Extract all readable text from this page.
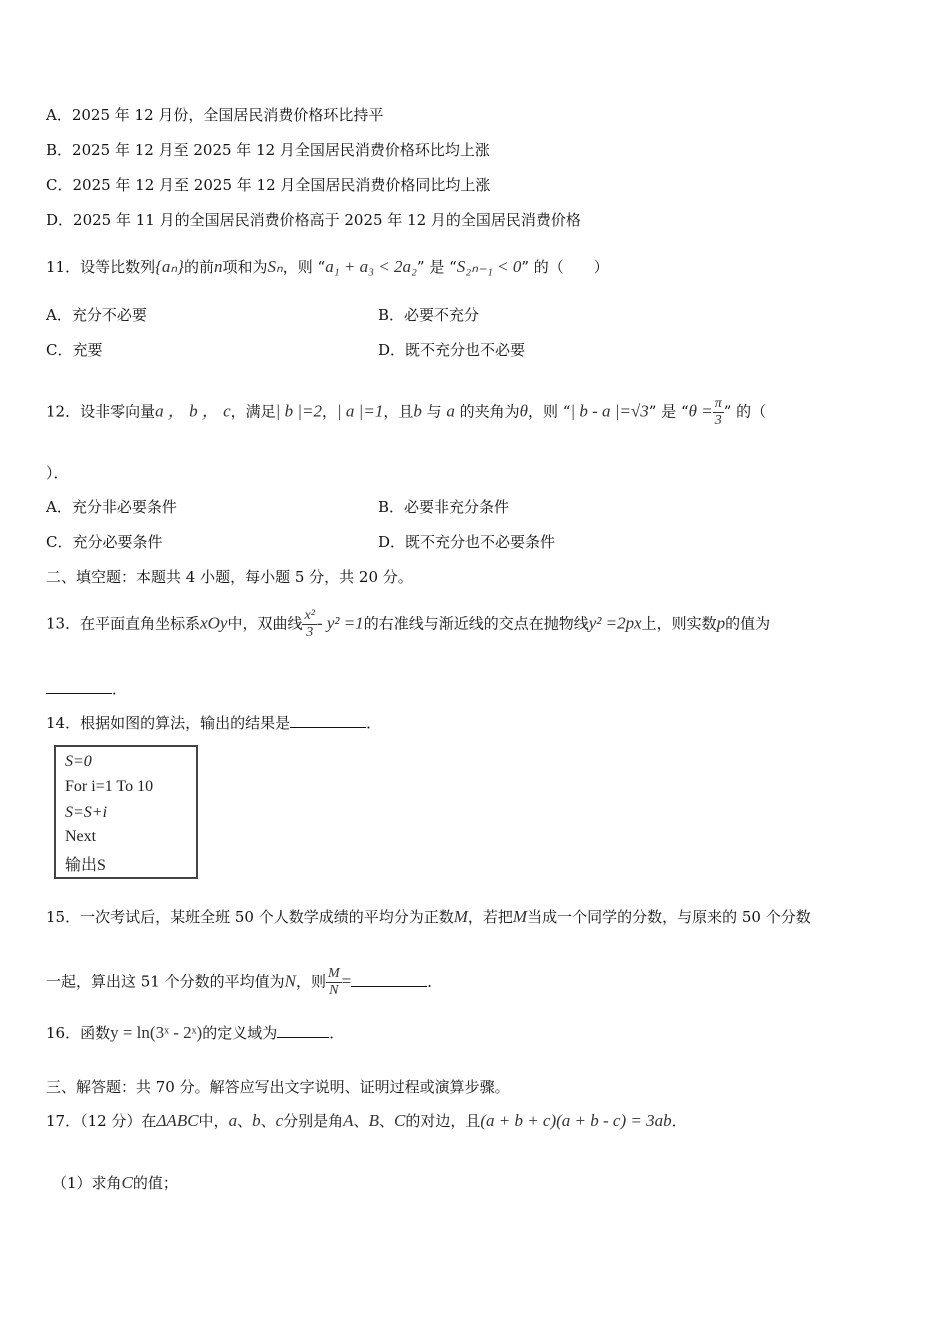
A．2025 年 12 月份，全国居民消费价格环比持平
B．2025 年 12 月至 2025 年 12 月全国居民消费价格环比均上涨
C．2025 年 12 月至 2025 年 12 月全国居民消费价格同比均上涨
D．2025 年 11 月的全国居民消费价格高于 2025 年 12 月的全国居民消费价格
11．设等比数列{aₙ}的前n项和为Sₙ，则 “a₁ + a₃ < 2a₂” 是 “S₂ₙ₋₁ < 0” 的（　　）
A．充分不必要	B．必要不充分
C．充要	D．既不充分也不必要
12．设非零向量a ， b ， c，满足| b |=2，| a |=1，且b 与 a 的夹角为θ，则 “| b - a |=√3” 是 “$\theta = \frac{\pi}{3}$ ” 的（
）．
A．充分非必要条件	B．必要非充分条件
C．充分必要条件	D．既不充分也不必要条件
二、填空题：本题共 4 小题，每小题 5 分，共 20 分。
13．在平面直角坐标系xOy中，双曲线 $\frac{\text{x²}}{3} - y^2 =1$的右准线与渐近线的交点在抛物线y² =2px上，则实数p的值为
．
14．根据如图的算法，输出的结果是	．
S=0
For i=1 To 10
S=S+i
Next
输出S
15．一次考试后，某班全班 50 个人数学成绩的平均分为正数M，若把M当成一个同学的分数，与原来的 50 个分数
一起，算出这 51 个分数的平均值为N，则 $\frac{M}{N}$ =	．
16．函数y = ln(3ˣ - 2ˣ)的定义域为	．
三、解答题：共 70 分。解答应写出文字说明、证明过程或演算步骤。
17．（12 分）在ΔABC中，a、b、c分别是角A、B、C的对边，且(a + b + c)(a + b - c) = 3ab．
（1）求角C的值；
